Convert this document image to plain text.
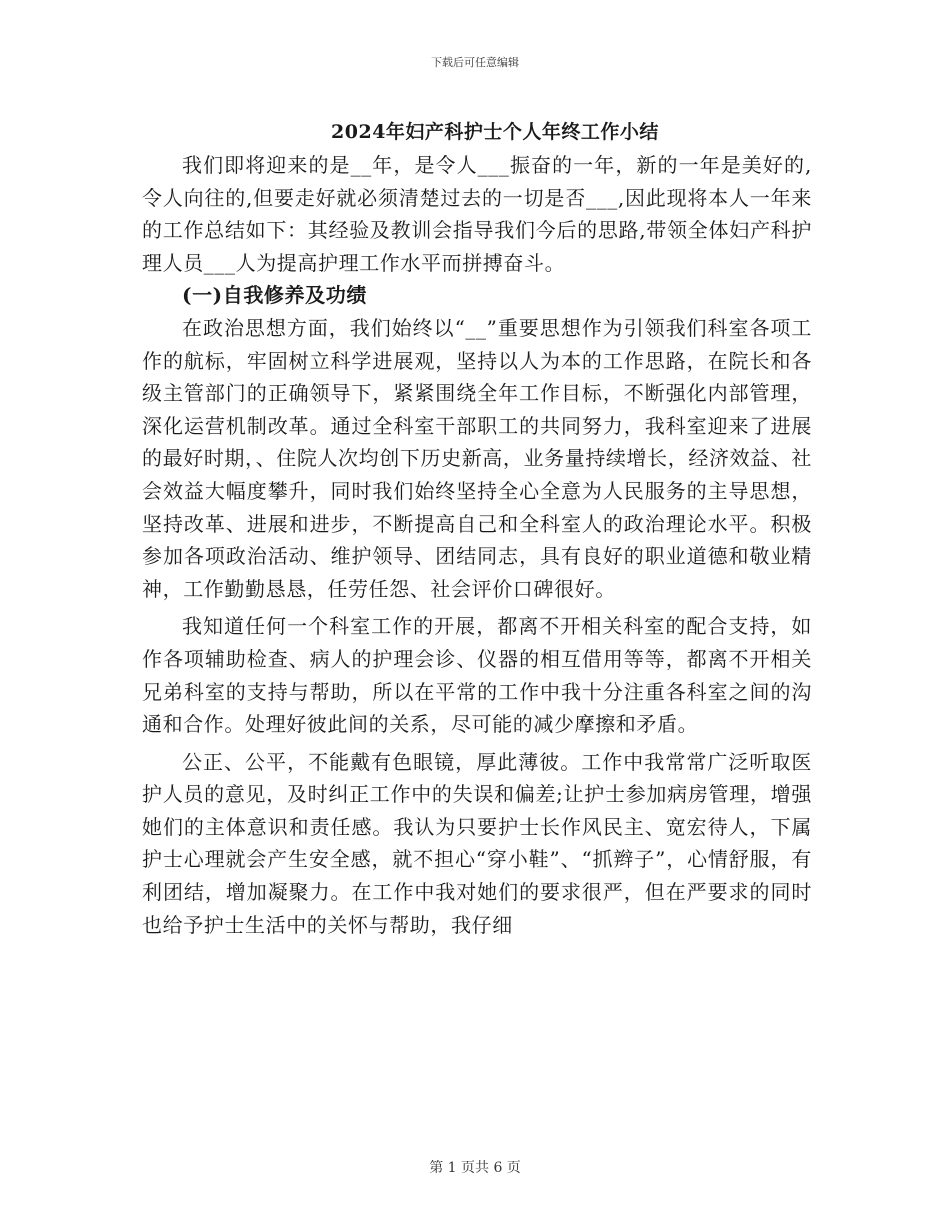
下载后可任意编辑
2024年妇产科护士个人年终工作小结

我们即将迎来的是__年，是令人___振奋的一年，新的一年是美好的,令人向往的,但要走好就必须清楚过去的一切是否___,因此现将本人一年来的工作总结如下：其经验及教训会指导我们今后的思路,带领全体妇产科护理人员___人为提高护理工作水平而拼搏奋斗。

(一)自我修养及功绩

在政治思想方面，我们始终以“__”重要思想作为引领我们科室各项工作的航标，牢固树立科学进展观，坚持以人为本的工作思路，在院长和各级主管部门的正确领导下，紧紧围绕全年工作目标，不断强化内部管理，深化运营机制改革。通过全科室干部职工的共同努力，我科室迎来了进展的最好时期，、住院人次均创下历史新高，业务量持续增长，经济效益、社会效益大幅度攀升，同时我们始终坚持全心全意为人民服务的主导思想，坚持改革、进展和进步，不断提高自己和全科室人的政治理论水平。积极参加各项政治活动、维护领导、团结同志，具有良好的职业道德和敬业精神，工作勤勤恳恳，任劳任怨、社会评价口碑很好。

我知道任何一个科室工作的开展，都离不开相关科室的配合支持，如作各项辅助检查、病人的护理会诊、仪器的相互借用等等，都离不开相关兄弟科室的支持与帮助，所以在平常的工作中我十分注重各科室之间的沟通和合作。处理好彼此间的关系，尽可能的减少摩擦和矛盾。

公正、公平，不能戴有色眼镜，厚此薄彼。工作中我常常广泛听取医护人员的意见，及时纠正工作中的失误和偏差;让护士参加病房管理，增强她们的主体意识和责任感。我认为只要护士长作风民主、宽宏待人，下属护士心理就会产生安全感，就不担心“穿小鞋”、“抓辫子”，心情舒服，有利团结，增加凝聚力。在工作中我对她们的要求很严，但在严要求的同时也给予护士生活中的关怀与帮助，我仔细

第 1 页共 6 页
